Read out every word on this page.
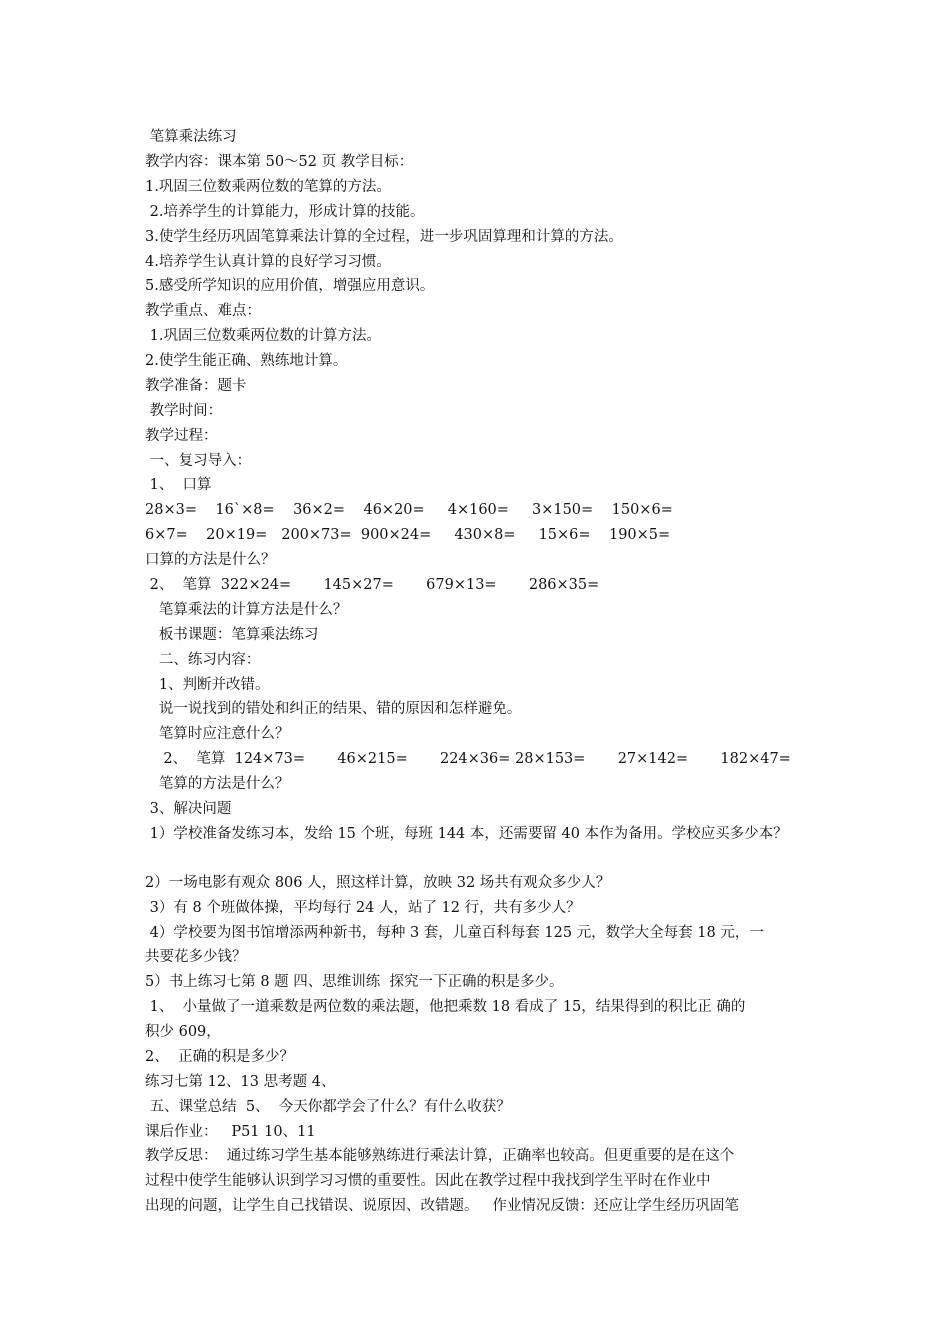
笔算乘法练习
教学内容：课本第 50～52 页 教学目标：
1.巩固三位数乘两位数的笔算的方法。
2.培养学生的计算能力，形成计算的技能。
3.使学生经历巩固笔算乘法计算的全过程，进一步巩固算理和计算的方法。
4.培养学生认真计算的良好学习习惯。
5.感受所学知识的应用价值，增强应用意识。
教学重点、难点：
1.巩固三位数乘两位数的计算方法。
2.使学生能正确、熟练地计算。
教学准备：题卡
教学时间：
教学过程：
一、复习导入：
1、  口算
28×3=    16`×8=    36×2=    46×20=     4×160=     3×150=    150×6=
6×7=    20×19=   200×73=  900×24=     430×8=     15×6=    190×5=
口算的方法是什么？
2、  笔算  322×24=       145×27=       679×13=       286×35=
笔算乘法的计算方法是什么？
板书课题：笔算乘法练习
二、练习内容：
1、判断并改错。
说一说找到的错处和纠正的结果、错的原因和怎样避免。
笔算时应注意什么？
2、  笔算  124×73=       46×215=       224×36= 28×153=       27×142=       182×47=
笔算的方法是什么？
3、解决问题
1）学校准备发练习本，发给 15 个班，每班 144 本，还需要留 40 本作为备用。学校应买多少本？
2）一场电影有观众 806 人，照这样计算，放映 32 场共有观众多少人？
3）有 8 个班做体操，平均每行 24 人，站了 12 行，共有多少人？
4）学校要为图书馆增添两种新书，每种 3 套，儿童百科每套 125 元，数学大全每套 18 元，一
共要花多少钱？
5）书上练习七第 8 题 四、思维训练  探究一下正确的积是多少。
1、  小量做了一道乘数是两位数的乘法题，他把乘数 18 看成了 15，结果得到的积比正 确的
积少 609，
2、  正确的积是多少？
练习七第 12、13 思考题 4、
五、课堂总结  5、  今天你都学会了什么？有什么收获？
课后作业：   P51 10、11
教学反思：  通过练习学生基本能够熟练进行乘法计算，正确率也较高。但更重要的是在这个
过程中使学生能够认识到学习习惯的重要性。因此在教学过程中我找到学生平时在作业中
出现的问题，让学生自己找错误、说原因、改错题。   作业情况反馈：还应让学生经历巩固笔
